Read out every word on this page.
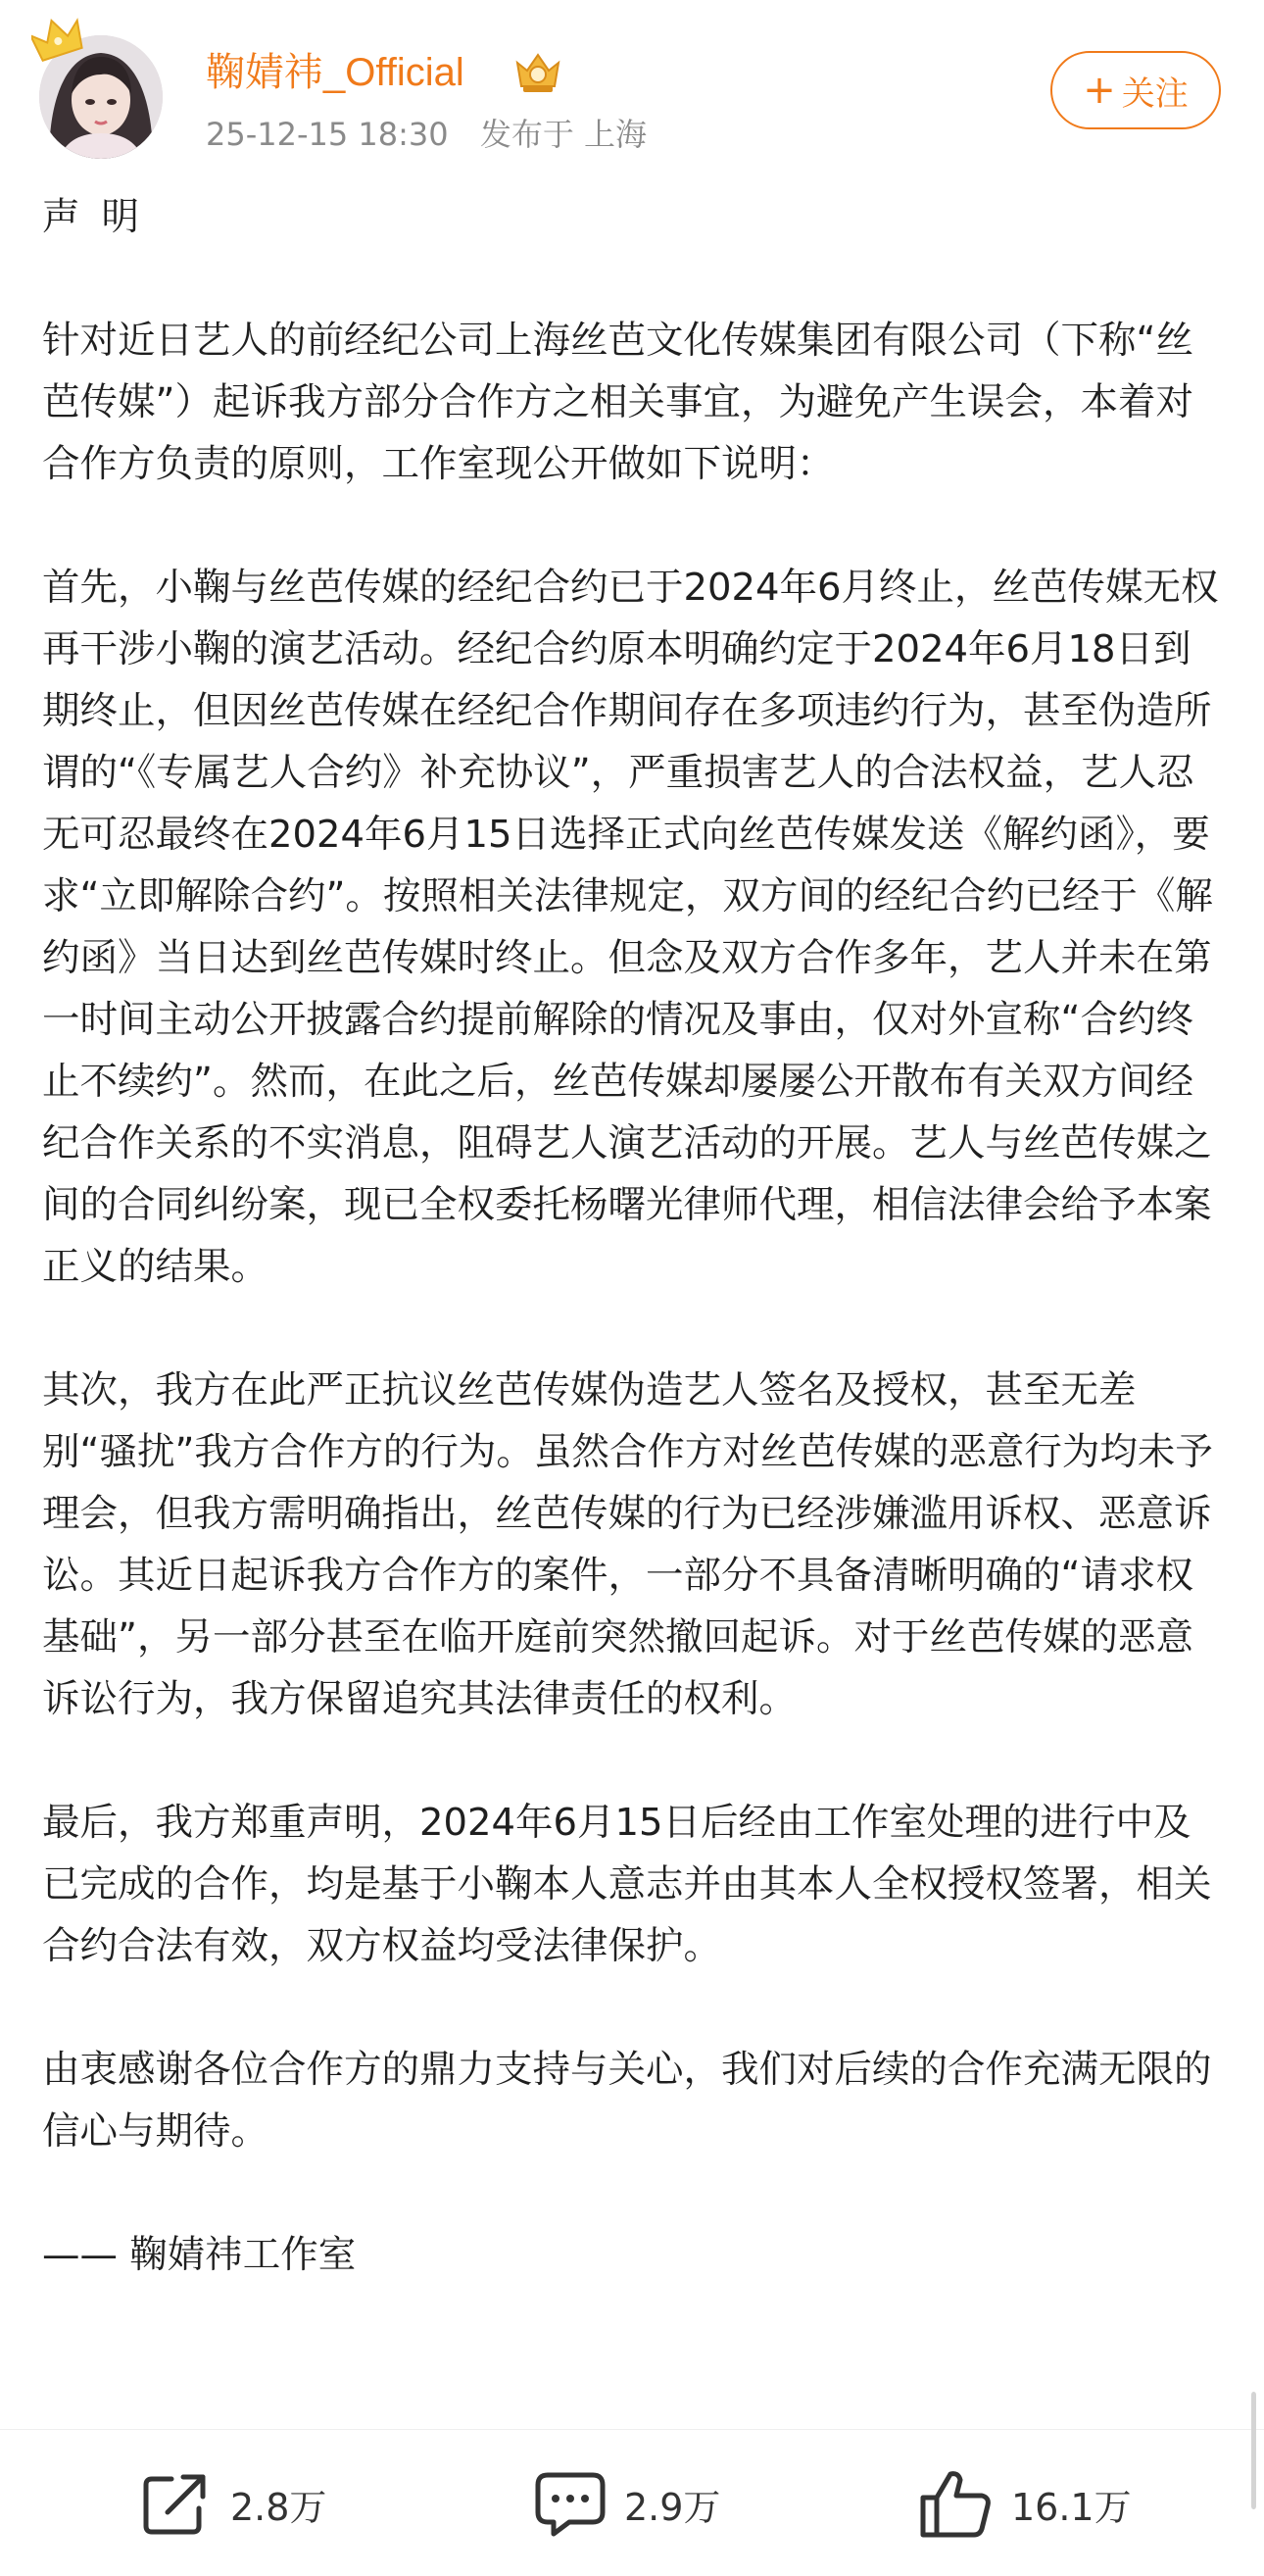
鞠婧祎_Official
25-12-15 18:30 发布于 上海
+ 关注

声明

针对近日艺人的前经纪公司上海丝芭文化传媒集团有限公司（下称“丝芭传媒”）起诉我方部分合作方之相关事宜，为避免产生误会，本着对合作方负责的原则，工作室现公开做如下说明：

首先，小鞠与丝芭传媒的经纪合约已于2024年6月终止，丝芭传媒无权再干涉小鞠的演艺活动。经纪合约原本明确约定于2024年6月18日到期终止，但因丝芭传媒在经纪合作期间存在多项违约行为，甚至伪造所谓的“《专属艺人合约》补充协议”，严重损害艺人的合法权益，艺人忍无可忍最终在2024年6月15日选择正式向丝芭传媒发送《解约函》，要求“立即解除合约”。按照相关法律规定，双方间的经纪合约已经于《解约函》当日达到丝芭传媒时终止。但念及双方合作多年，艺人并未在第一时间主动公开披露合约提前解除的情况及事由，仅对外宣称“合约终止不续约”。然而，在此之后，丝芭传媒却屡屡公开散布有关双方间经纪合作关系的不实消息，阻碍艺人演艺活动的开展。艺人与丝芭传媒之间的合同纠纷案，现已全权委托杨曙光律师代理，相信法律会给予本案正义的结果。

其次，我方在此严正抗议丝芭传媒伪造艺人签名及授权，甚至无差别“骚扰”我方合作方的行为。虽然合作方对丝芭传媒的恶意行为均未予理会，但我方需明确指出，丝芭传媒的行为已经涉嫌滥用诉权、恶意诉讼。其近日起诉我方合作方的案件，一部分不具备清晰明确的“请求权基础”，另一部分甚至在临开庭前突然撤回起诉。对于丝芭传媒的恶意诉讼行为，我方保留追究其法律责任的权利。

最后，我方郑重声明，2024年6月15日后经由工作室处理的进行中及已完成的合作，均是基于小鞠本人意志并由其本人全权授权签署，相关合约合法有效，双方权益均受法律保护。

由衷感谢各位合作方的鼎力支持与关心，我们对后续的合作充满无限的信心与期待。

—— 鞠婧祎工作室

2.8万	2.9万	16.1万
